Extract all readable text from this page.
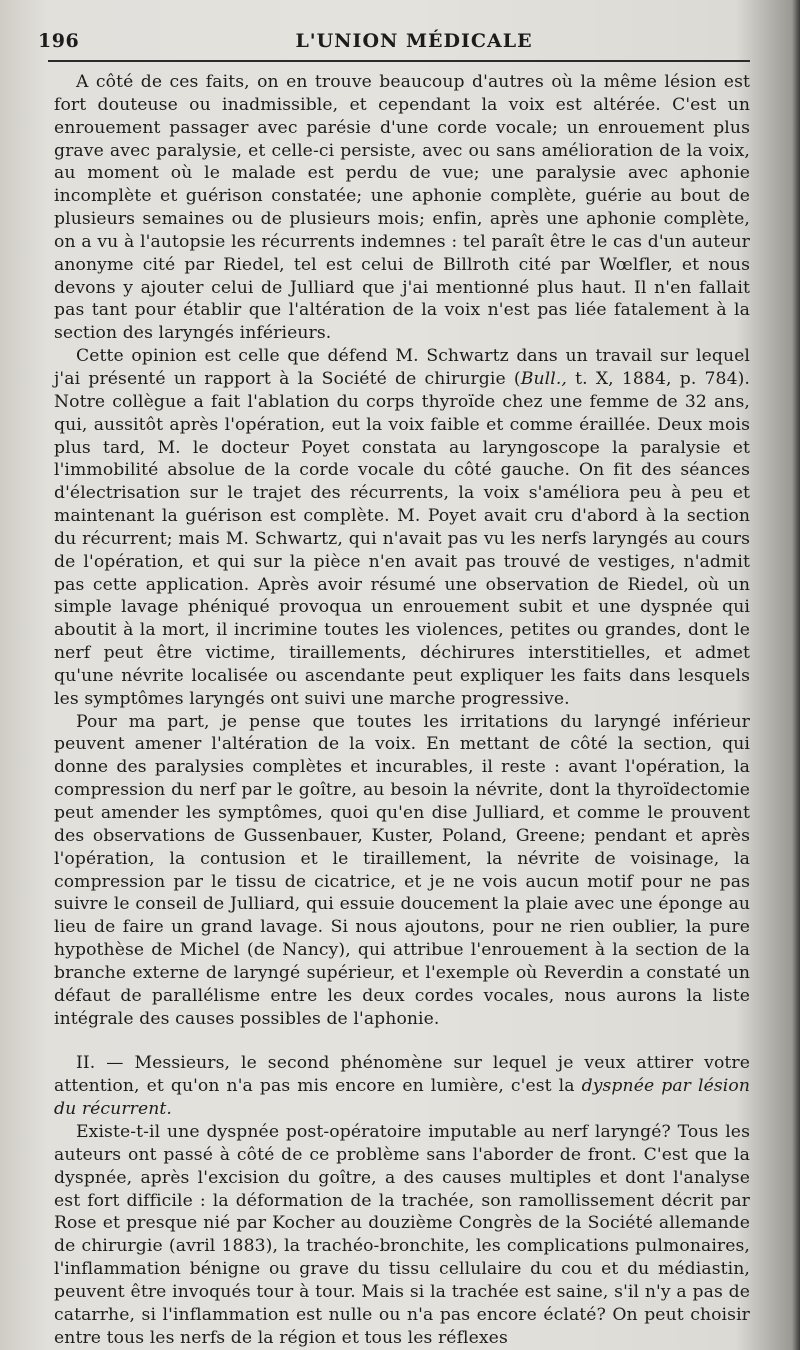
196	L'UNION MÉDICALE

A côté de ces faits, on en trouve beaucoup d'autres où la même lésion est fort douteuse ou inadmissible, et cependant la voix est altérée. C'est un enrouement passager avec parésie d'une corde vocale; un enrouement plus grave avec paralysie, et celle-ci persiste, avec ou sans amélioration de la voix, au moment où le malade est perdu de vue; une paralysie avec aphonie incomplète et guérison constatée; une aphonie complète, guérie au bout de plusieurs semaines ou de plusieurs mois; enfin, après une aphonie complète, on a vu à l'autopsie les récurrents indemnes : tel paraît être le cas d'un auteur anonyme cité par Riedel, tel est celui de Billroth cité par Wœlfler, et nous devons y ajouter celui de Julliard que j'ai mentionné plus haut. Il n'en fallait pas tant pour établir que l'altération de la voix n'est pas liée fatalement à la section des laryngés inférieurs.

Cette opinion est celle que défend M. Schwartz dans un travail sur lequel j'ai présenté un rapport à la Société de chirurgie (Bull., t. X, 1884, p. 784). Notre collègue a fait l'ablation du corps thyroïde chez une femme de 32 ans, qui, aussitôt après l'opération, eut la voix faible et comme éraillée. Deux mois plus tard, M. le docteur Poyet constata au laryngoscope la paralysie et l'immobilité absolue de la corde vocale du côté gauche. On fit des séances d'électrisation sur le trajet des récurrents, la voix s'améliora peu à peu et maintenant la guérison est complète. M. Poyet avait cru d'abord à la section du récurrent; mais M. Schwartz, qui n'avait pas vu les nerfs laryngés au cours de l'opération, et qui sur la pièce n'en avait pas trouvé de vestiges, n'admit pas cette application. Après avoir résumé une observation de Riedel, où un simple lavage phéniqué provoqua un enrouement subit et une dyspnée qui aboutit à la mort, il incrimine toutes les violences, petites ou grandes, dont le nerf peut être victime, tiraillements, déchirures interstitielles, et admet qu'une névrite localisée ou ascendante peut expliquer les faits dans lesquels les symptômes laryngés ont suivi une marche progressive.

Pour ma part, je pense que toutes les irritations du laryngé inférieur peuvent amener l'altération de la voix. En mettant de côté la section, qui donne des paralysies complètes et incurables, il reste : avant l'opération, la compression du nerf par le goître, au besoin la névrite, dont la thyroïdectomie peut amender les symptômes, quoi qu'en dise Julliard, et comme le prouvent des observations de Gussenbauer, Kuster, Poland, Greene; pendant et après l'opération, la contusion et le tiraillement, la névrite de voisinage, la compression par le tissu de cicatrice, et je ne vois aucun motif pour ne pas suivre le conseil de Julliard, qui essuie doucement la plaie avec une éponge au lieu de faire un grand lavage. Si nous ajoutons, pour ne rien oublier, la pure hypothèse de Michel (de Nancy), qui attribue l'enrouement à la section de la branche externe de laryngé supérieur, et l'exemple où Reverdin a constaté un défaut de parallélisme entre les deux cordes vocales, nous aurons la liste intégrale des causes possibles de l'aphonie.

II. — Messieurs, le second phénomène sur lequel je veux attirer votre attention, et qu'on n'a pas mis encore en lumière, c'est la dyspnée par lésion du récurrent.

Existe-t-il une dyspnée post-opératoire imputable au nerf laryngé? Tous les auteurs ont passé à côté de ce problème sans l'aborder de front. C'est que la dyspnée, après l'excision du goître, a des causes multiples et dont l'analyse est fort difficile : la déformation de la trachée, son ramollissement décrit par Rose et presque nié par Kocher au douzième Congrès de la Société allemande de chirurgie (avril 1883), la trachéo-bronchite, les complications pulmonaires, l'inflammation bénigne ou grave du tissu cellulaire du cou et du médiastin, peuvent être invoqués tour à tour. Mais si la trachée est saine, s'il n'y a pas de catarrhe, si l'inflammation est nulle ou n'a pas encore éclaté? On peut choisir entre tous les nerfs de la région et tous les réflexes
